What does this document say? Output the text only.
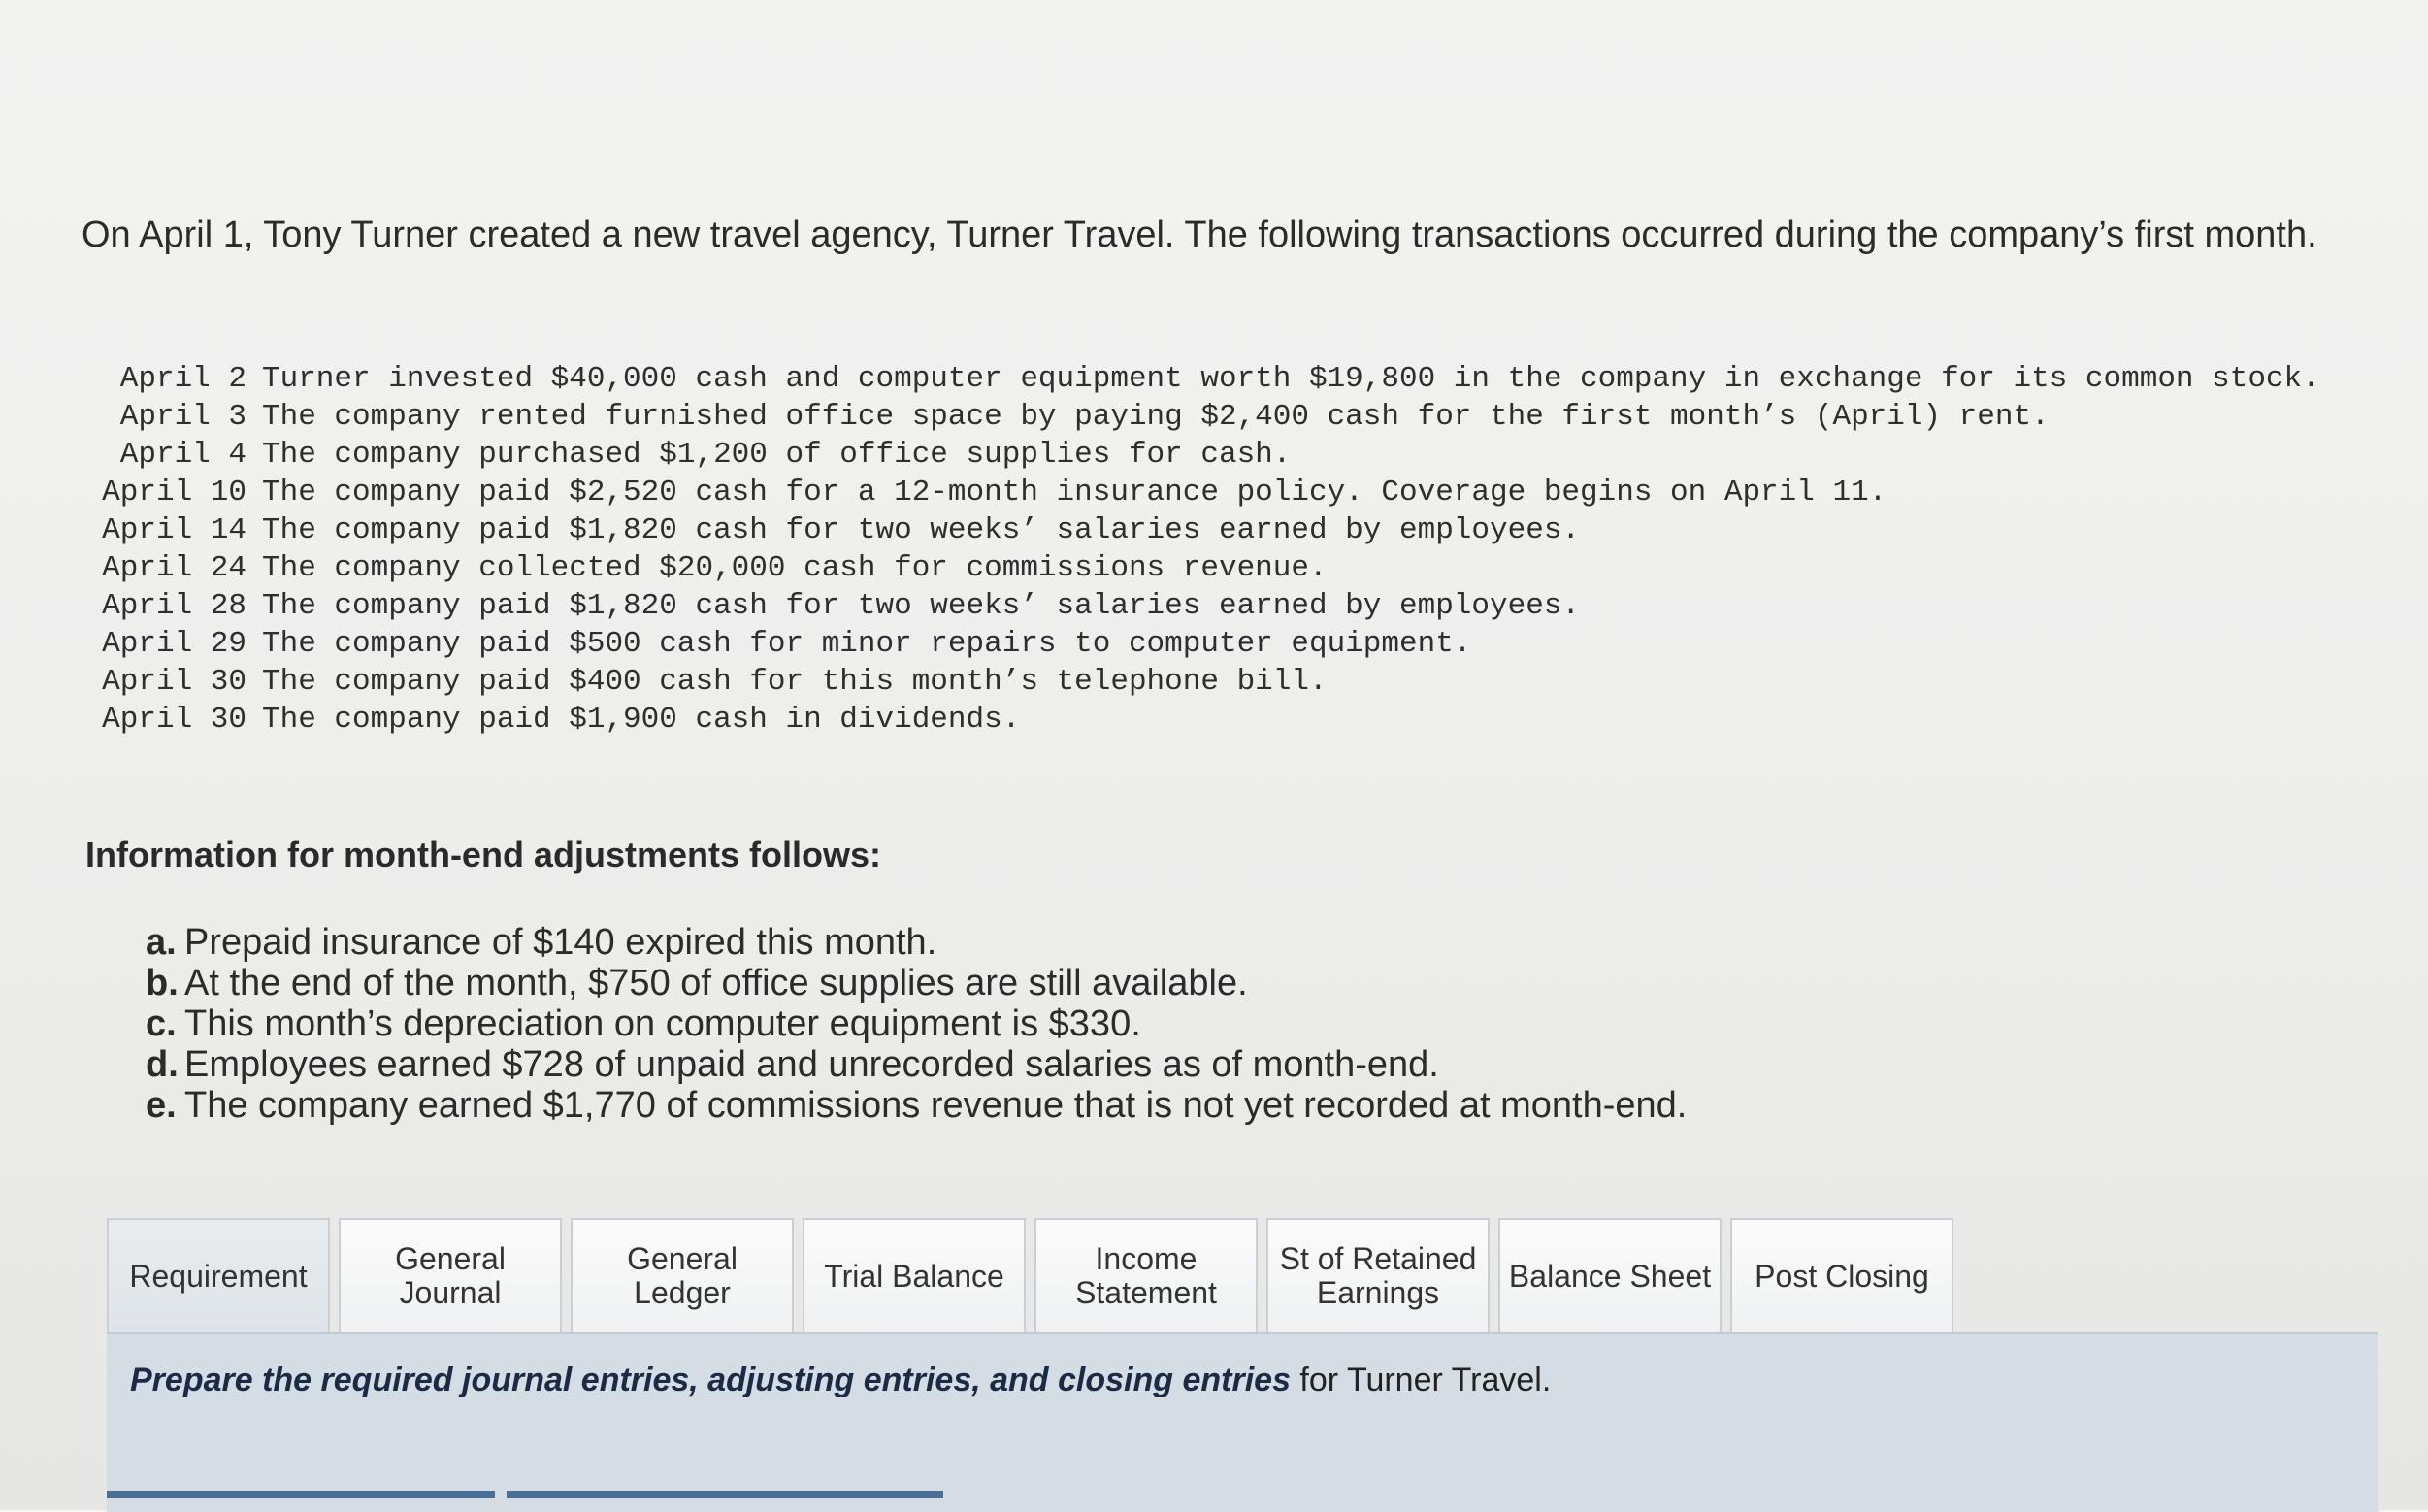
On April 1, Tony Turner created a new travel agency, Turner Travel. The following transactions occurred during the company’s first month.
April 2 Turner invested $40,000 cash and computer equipment worth $19,800 in the company in exchange for its common stock.
April 3 The company rented furnished office space by paying $2,400 cash for the first month’s (April) rent.
April 4 The company purchased $1,200 of office supplies for cash.
April 10 The company paid $2,520 cash for a 12-month insurance policy. Coverage begins on April 11.
April 14 The company paid $1,820 cash for two weeks’ salaries earned by employees.
April 24 The company collected $20,000 cash for commissions revenue.
April 28 The company paid $1,820 cash for two weeks’ salaries earned by employees.
April 29 The company paid $500 cash for minor repairs to computer equipment.
April 30 The company paid $400 cash for this month’s telephone bill.
April 30 The company paid $1,900 cash in dividends.
Information for month-end adjustments follows:
a. Prepaid insurance of $140 expired this month.
b. At the end of the month, $750 of office supplies are still available.
c. This month’s depreciation on computer equipment is $330.
d. Employees earned $728 of unpaid and unrecorded salaries as of month-end.
e. The company earned $1,770 of commissions revenue that is not yet recorded at month-end.
Requirement	General
Journal
General
Ledger	Trial Balance	Income
Statement
St of Retained
Earnings	Balance Sheet	Post Closing
Prepare the required journal entries, adjusting entries, and closing entries for Turner Travel.
